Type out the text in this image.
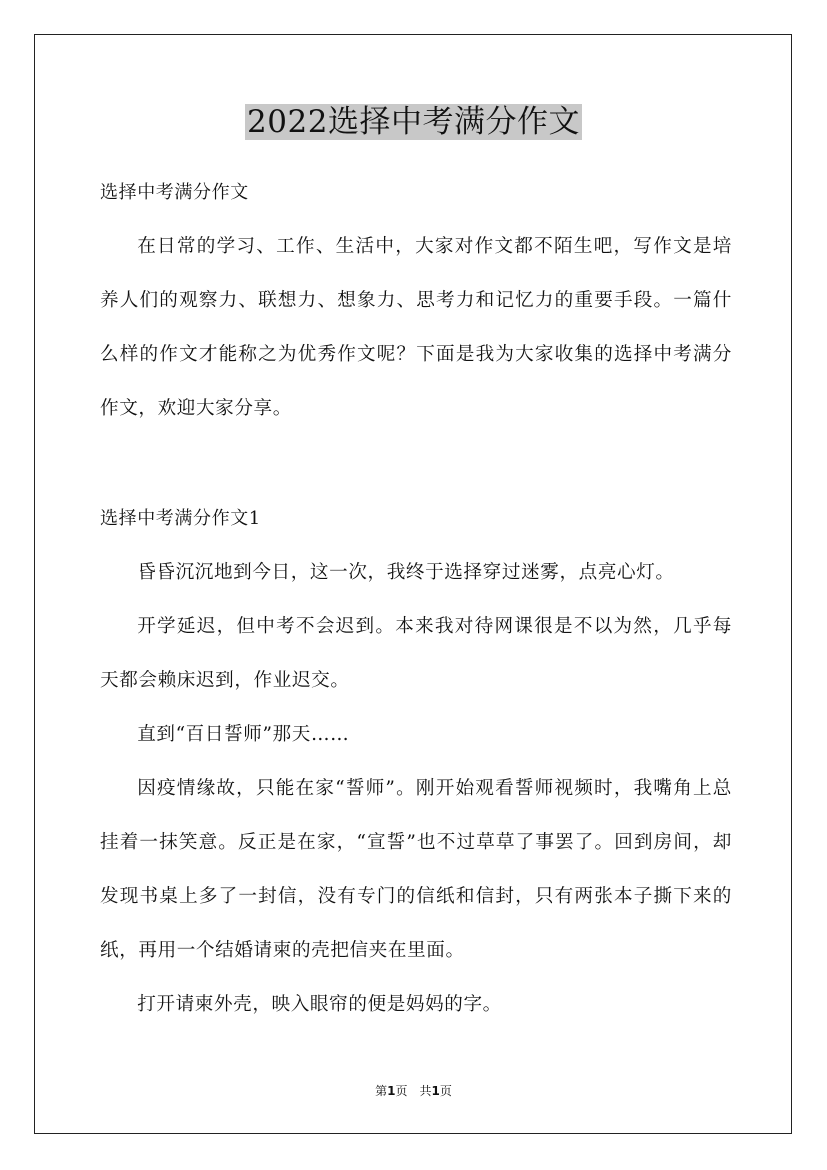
2022选择中考满分作文

选择中考满分作文

在日常的学习、工作、生活中，大家对作文都不陌生吧，写作文是培养人们的观察力、联想力、想象力、思考力和记忆力的重要手段。一篇什么样的作文才能称之为优秀作文呢？下面是我为大家收集的选择中考满分作文，欢迎大家分享。

选择中考满分作文1

昏昏沉沉地到今日，这一次，我终于选择穿过迷雾，点亮心灯。

开学延迟，但中考不会迟到。本来我对待网课很是不以为然，几乎每天都会赖床迟到，作业迟交。

直到“百日誓师”那天……

因疫情缘故，只能在家“誓师”。刚开始观看誓师视频时，我嘴角上总挂着一抹笑意。反正是在家，“宣誓”也不过草草了事罢了。回到房间，却发现书桌上多了一封信，没有专门的信纸和信封，只有两张本子撕下来的纸，再用一个结婚请柬的壳把信夹在里面。

打开请柬外壳，映入眼帘的便是妈妈的字。

第1页　共1页
